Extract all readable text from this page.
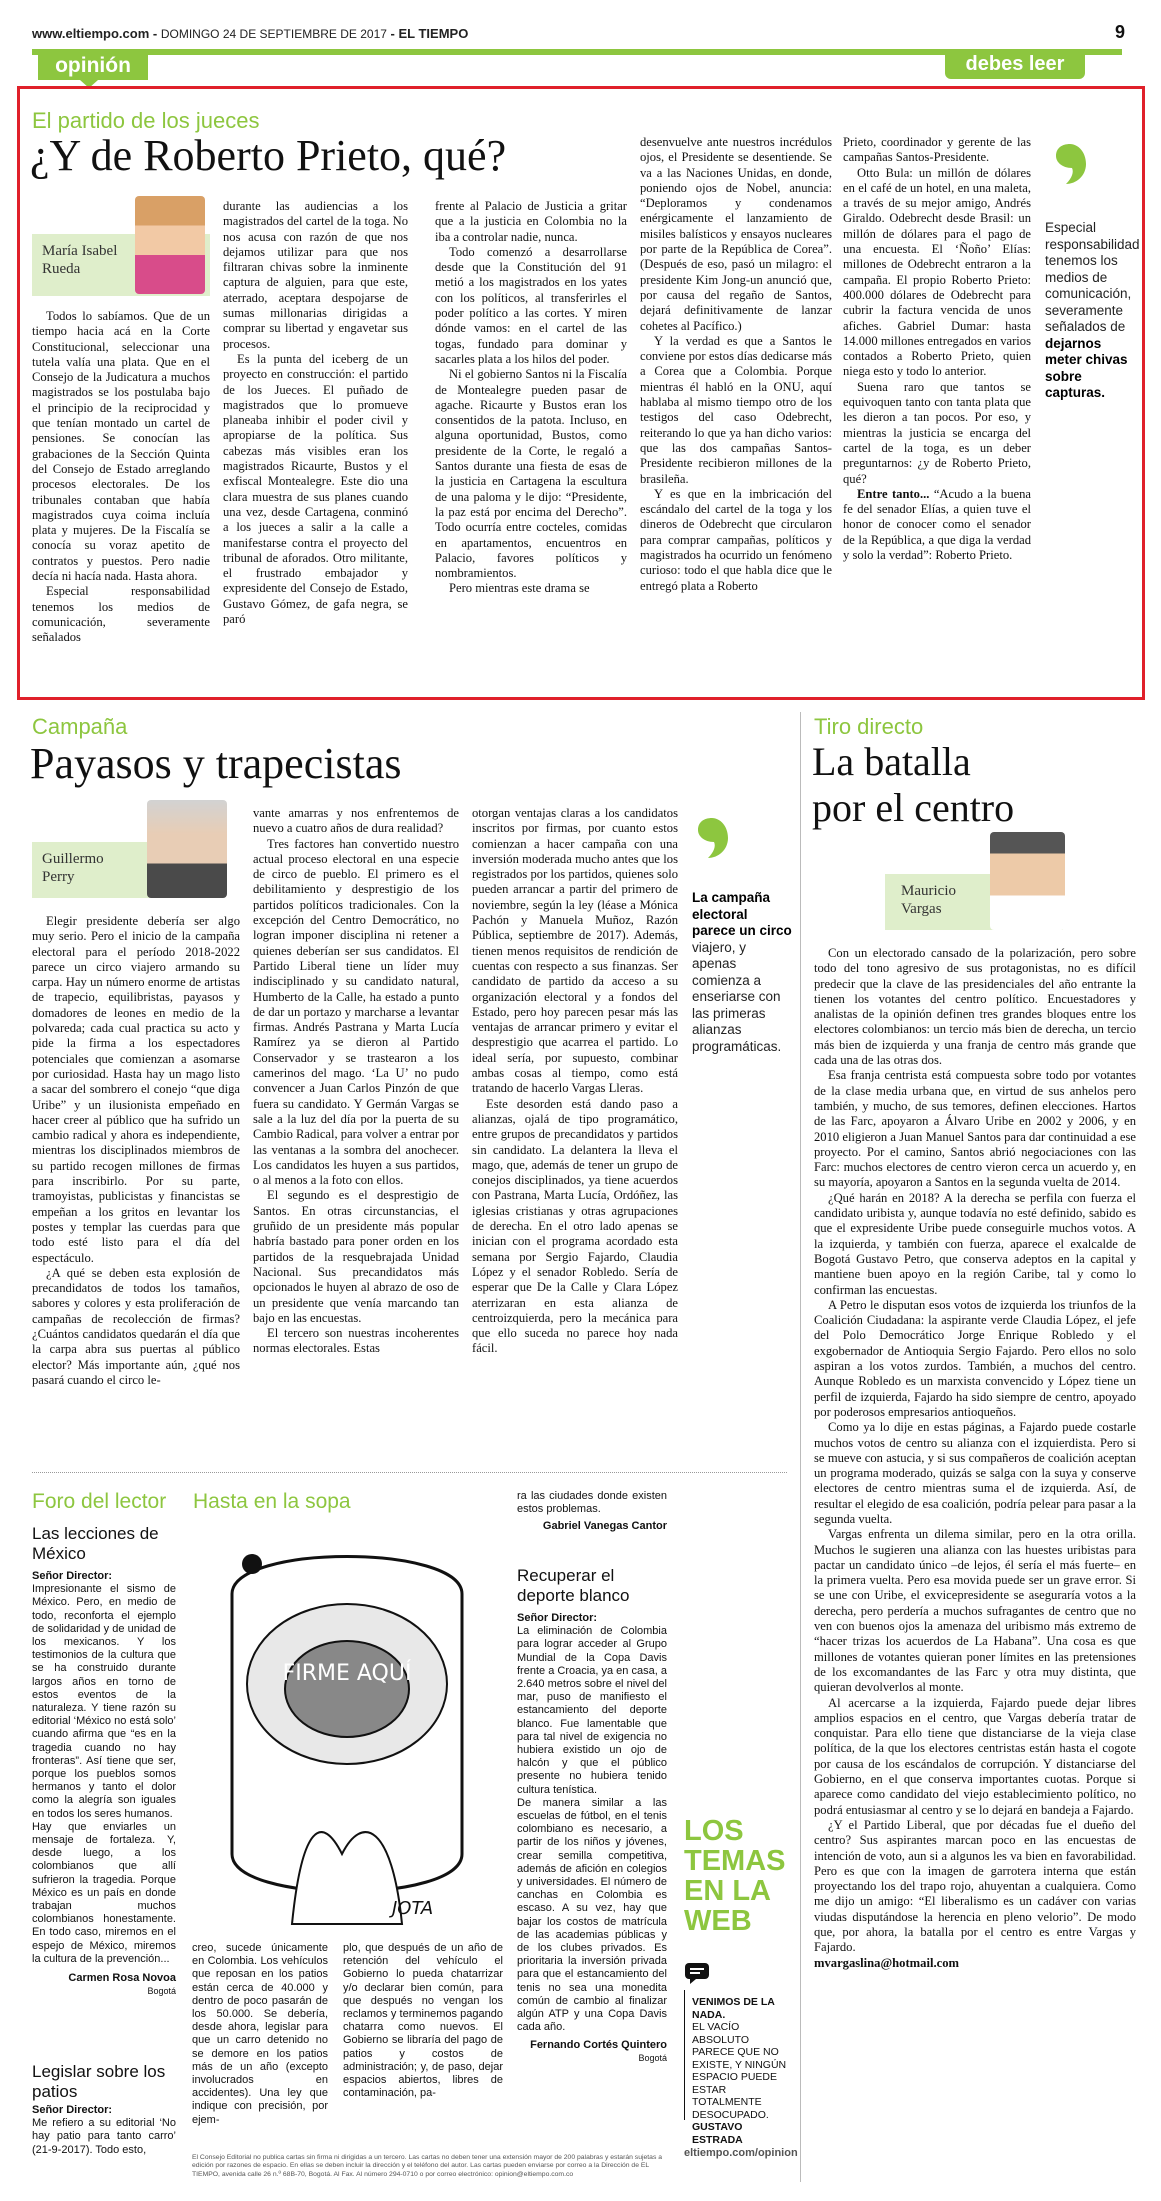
www.eltiempo.com - DOMINGO 24 DE SEPTIEMBRE DE 2017 - EL TIEMPO	9
opinión	debes leer
El partido de los jueces
¿Y de Roberto Prieto, qué?
María Isabel Rueda

Todos lo sabíamos. Que de un tiempo hacia acá en la Corte Constitucional, seleccionar una tutela valía una plata. Que en el Consejo de la Judicatura a muchos magistrados se los postulaba bajo el principio de la reciprocidad y que tenían montado un cartel de pensiones. Se conocían las grabaciones de la Sección Quinta del Consejo de Estado arreglando procesos electorales. De los tribunales contaban que había magistrados cuya coima incluía plata y mujeres. De la Fiscalía se conocía su voraz apetito de contratos y puestos. Pero nadie decía ni hacía nada. Hasta ahora.

Especial responsabilidad tenemos los medios de comunicación, severamente señalados

durante las audiencias a los magistrados del cartel de la toga. No nos acusa con razón de que nos dejamos utilizar para que nos filtraran chivas sobre la inminente captura de alguien, para que este, aterrado, aceptara despojarse de sumas millonarias dirigidas a comprar su libertad y engavetar sus procesos.

Es la punta del iceberg de un proyecto en construcción: el partido de los Jueces. El puñado de magistrados que lo promueve planeaba inhibir el poder civil y apropiarse de la política. Sus cabezas más visibles eran los magistrados Ricaurte, Bustos y el exfiscal Montealegre. Este dio una clara muestra de sus planes cuando una vez, desde Cartagena, conminó a los jueces a salir a la calle a manifestarse contra el proyecto del tribunal de aforados. Otro militante, el frustrado embajador y expresidente del Consejo de Estado, Gustavo Gómez, de gafa negra, se paró

frente al Palacio de Justicia a gritar que a la justicia en Colombia no la iba a controlar nadie, nunca.

Todo comenzó a desarrollarse desde que la Constitución del 91 metió a los magistrados en los yates con los políticos, al transferirles el poder político a las cortes. Y miren dónde vamos: en el cartel de las togas, fundado para dominar y sacarles plata a los hilos del poder.

Ni el gobierno Santos ni la Fiscalía de Montealegre pueden pasar de agache. Ricaurte y Bustos eran los consentidos de la patota. Incluso, en alguna oportunidad, Bustos, como presidente de la Corte, le regaló a Santos durante una fiesta de esas de la justicia en Cartagena la escultura de una paloma y le dijo: “Presidente, la paz está por encima del Derecho”. Todo ocurría entre cocteles, comidas en apartamentos, encuentros en Palacio, favores políticos y nombramientos.

Pero mientras este drama se

desenvuelve ante nuestros incrédulos ojos, el Presidente se desentiende. Se va a las Naciones Unidas, en donde, poniendo ojos de Nobel, anuncia: “Deploramos y condenamos enérgicamente el lanzamiento de misiles balísticos y ensayos nucleares por parte de la República de Corea”. (Después de eso, pasó un milagro: el presidente Kim Jong-un anunció que, por causa del regaño de Santos, dejará definitivamente de lanzar cohetes al Pacífico.)

Y la verdad es que a Santos le conviene por estos días dedicarse más a Corea que a Colombia. Porque mientras él habló en la ONU, aquí hablaba al mismo tiempo otro de los testigos del caso Odebrecht, reiterando lo que ya han dicho varios: que las dos campañas Santos-Presidente recibieron millones de la brasileña.

Y es que en la imbricación del escándalo del cartel de la toga y los dineros de Odebrecht que circularon para comprar campañas, políticos y magistrados ha ocurrido un fenómeno curioso: todo el que habla dice que le entregó plata a Roberto

Prieto, coordinador y gerente de las campañas Santos-Presidente.

Otto Bula: un millón de dólares en el café de un hotel, en una maleta, a través de su mejor amigo, Andrés Giraldo. Odebrecht desde Brasil: un millón de dólares para el pago de una encuesta. El ‘Ñoño’ Elías: millones de Odebrecht entraron a la campaña. El propio Roberto Prieto: 400.000 dólares de Odebrecht para cubrir la factura vencida de unos afiches. Gabriel Dumar: hasta 14.000 millones entregados en varios contados a Roberto Prieto, quien niega esto y todo lo anterior.

Suena raro que tantos se equivoquen tanto con tanta plata que les dieron a tan pocos. Por eso, y mientras la justicia se encarga del cartel de la toga, es un deber preguntarnos: ¿y de Roberto Prieto, qué?

Entre tanto... “Acudo a la buena fe del senador Elías, a quien tuve el honor de conocer como el senador de la República, a que diga la verdad y solo la verdad”: Roberto Prieto.

Especial responsabilidad tenemos los medios de comunicación, severamente señalados de dejarnos meter chivas sobre capturas.
Campaña
Payasos y trapecistas
Guillermo Perry

Elegir presidente debería ser algo muy serio. Pero el inicio de la campaña electoral para el período 2018-2022 parece un circo viajero armando su carpa. Hay un número enorme de artistas de trapecio, equilibristas, payasos y domadores de leones en medio de la polvareda; cada cual practica su acto y pide la firma a los espectadores potenciales que comienzan a asomarse por curiosidad. Hasta hay un mago listo a sacar del sombrero el conejo “que diga Uribe” y un ilusionista empeñado en hacer creer al público que ha sufrido un cambio radical y ahora es independiente, mientras los disciplinados miembros de su partido recogen millones de firmas para inscribirlo. Por su parte, tramoyistas, publicistas y financistas se empeñan a los gritos en levantar los postes y templar las cuerdas para que todo esté listo para el día del espectáculo.

¿A qué se deben esta explosión de precandidatos de todos los tamaños, sabores y colores y esta proliferación de campañas de recolección de firmas? ¿Cuántos candidatos quedarán el día que la carpa abra sus puertas al público elector? Más importante aún, ¿qué nos pasará cuando el circo le-

vante amarras y nos enfrentemos de nuevo a cuatro años de dura realidad?

Tres factores han convertido nuestro actual proceso electoral en una especie de circo de pueblo. El primero es el debilitamiento y desprestigio de los partidos políticos tradicionales. Con la excepción del Centro Democrático, no logran imponer disciplina ni retener a quienes deberían ser sus candidatos. El Partido Liberal tiene un líder muy indisciplinado y su candidato natural, Humberto de la Calle, ha estado a punto de dar un portazo y marcharse a levantar firmas. Andrés Pastrana y Marta Lucía Ramírez ya se dieron al Partido Conservador y se trastearon a los camerinos del mago. ‘La U’ no pudo convencer a Juan Carlos Pinzón de que fuera su candidato. Y Germán Vargas se sale a la luz del día por la puerta de su Cambio Radical, para volver a entrar por las ventanas a la sombra del anochecer. Los candidatos les huyen a sus partidos, o al menos a la foto con ellos.

El segundo es el desprestigio de Santos. En otras circunstancias, el gruñido de un presidente más popular habría bastado para poner orden en los partidos de la resquebrajada Unidad Nacional. Sus precandidatos más opcionados le huyen al abrazo de oso de un presidente que venía marcando tan bajo en las encuestas.

El tercero son nuestras incoherentes normas electorales. Estas

otorgan ventajas claras a los candidatos inscritos por firmas, por cuanto estos comienzan a hacer campaña con una inversión moderada mucho antes que los registrados por los partidos, quienes solo pueden arrancar a partir del primero de noviembre, según la ley (léase a Mónica Pachón y Manuela Muñoz, Razón Pública, septiembre de 2017). Además, tienen menos requisitos de rendición de cuentas con respecto a sus finanzas. Ser candidato de partido da acceso a su organización electoral y a fondos del Estado, pero hoy parecen pesar más las ventajas de arrancar primero y evitar el desprestigio que acarrea el partido. Lo ideal sería, por supuesto, combinar ambas cosas al tiempo, como está tratando de hacerlo Vargas Lleras.

Este desorden está dando paso a alianzas, ojalá de tipo programático, entre grupos de precandidatos y partidos sin candidato. La delantera la lleva el mago, que, además de tener un grupo de conejos disciplinados, ya tiene acuerdos con Pastrana, Marta Lucía, Ordóñez, las iglesias cristianas y otras agrupaciones de derecha. En el otro lado apenas se inician con el programa acordado esta semana por Sergio Fajardo, Claudia López y el senador Robledo. Sería de esperar que De la Calle y Clara López aterrizaran en esta alianza de centroizquierda, pero la mecánica para que ello suceda no parece hoy nada fácil.

La campaña electoral parece un circo viajero, y apenas comienza a enseriarse con las primeras alianzas programáticas.
Tiro directo
La batalla
por el centro
Mauricio Vargas

Con un electorado cansado de la polarización, pero sobre todo del tono agresivo de sus protagonistas, no es difícil predecir que la clave de las presidenciales del año entrante la tienen los votantes del centro político. Encuestadores y analistas de la opinión definen tres grandes bloques entre los electores colombianos: un tercio más bien de derecha, un tercio más bien de izquierda y una franja de centro más grande que cada una de las otras dos.

Esa franja centrista está compuesta sobre todo por votantes de la clase media urbana que, en virtud de sus anhelos pero también, y mucho, de sus temores, definen elecciones. Hartos de las Farc, apoyaron a Álvaro Uribe en 2002 y 2006, y en 2010 eligieron a Juan Manuel Santos para dar continuidad a ese proyecto. Por el camino, Santos abrió negociaciones con las Farc: muchos electores de centro vieron cerca un acuerdo y, en su mayoría, apoyaron a Santos en la segunda vuelta de 2014.

¿Qué harán en 2018? A la derecha se perfila con fuerza el candidato uribista y, aunque todavía no esté definido, sabido es que el expresidente Uribe puede conseguirle muchos votos. A la izquierda, y también con fuerza, aparece el exalcalde de Bogotá Gustavo Petro, que conserva adeptos en la capital y mantiene buen apoyo en la región Caribe, tal y como lo confirman las encuestas.

A Petro le disputan esos votos de izquierda los triunfos de la Coalición Ciudadana: la aspirante verde Claudia López, el jefe del Polo Democrático Jorge Enrique Robledo y el exgobernador de Antioquia Sergio Fajardo. Pero ellos no solo aspiran a los votos zurdos. También, a muchos del centro. Aunque Robledo es un marxista convencido y López tiene un perfil de izquierda, Fajardo ha sido siempre de centro, apoyado por poderosos empresarios antioqueños.

Como ya lo dije en estas páginas, a Fajardo puede costarle muchos votos de centro su alianza con el izquierdista. Pero si se mueve con astucia, y si sus compañeros de coalición aceptan un programa moderado, quizás se salga con la suya y conserve electores de centro mientras suma el de izquierda. Así, de resultar el elegido de esa coalición, podría pelear para pasar a la segunda vuelta.

Vargas enfrenta un dilema similar, pero en la otra orilla. Muchos le sugieren una alianza con las huestes uribistas para pactar un candidato único –de lejos, él sería el más fuerte– en la primera vuelta. Pero esa movida puede ser un grave error. Si se une con Uribe, el exvicepresidente se aseguraría votos a la derecha, pero perdería a muchos sufragantes de centro que no ven con buenos ojos la amenaza del uribismo más extremo de “hacer trizas los acuerdos de La Habana”. Una cosa es que millones de votantes quieran poner límites en las pretensiones de los excomandantes de las Farc y otra muy distinta, que quieran devolverlos al monte.

Al acercarse a la izquierda, Fajardo puede dejar libres amplios espacios en el centro, que Vargas debería tratar de conquistar. Para ello tiene que distanciarse de la vieja clase política, de la que los electores centristas están hasta el cogote por causa de los escándalos de corrupción. Y distanciarse del Gobierno, en el que conserva importantes cuotas. Porque si aparece como candidato del viejo establecimiento político, no podrá entusiasmar al centro y se lo dejará en bandeja a Fajardo.

¿Y el Partido Liberal, que por décadas fue el dueño del centro? Sus aspirantes marcan poco en las encuestas de intención de voto, aun si a algunos les va bien en favorabilidad. Pero es que con la imagen de garrotera interna que están proyectando los del trapo rojo, ahuyentan a cualquiera. Como me dijo un amigo: “El liberalismo es un cadáver con varias viudas disputándose la herencia en pleno velorio”. De modo que, por ahora, la batalla por el centro es entre Vargas y Fajardo.

mvargaslina@hotmail.com

Foro del lector Hasta en la sopa
Las lecciones de México
Señor Director:
Impresionante el sismo de México. Pero, en medio de todo, reconforta el ejemplo de solidaridad y de unidad de los mexicanos. Y los testimonios de la cultura que se ha construido durante largos años en torno de estos eventos de la naturaleza. Y tiene razón su editorial ‘México no está solo’ cuando afirma que “es en la tragedia cuando no hay fronteras”. Así tiene que ser, porque los pueblos somos hermanos y tanto el dolor como la alegría son iguales en todos los seres humanos.
Hay que enviarles un mensaje de fortaleza. Y, desde luego, a los colombianos que allí sufrieron la tragedia. Porque México es un país en donde trabajan muchos colombianos honestamente. En todo caso, miremos en el espejo de México, miremos la cultura de la prevención...
Carmen Rosa Novoa
Bogotá
Legislar sobre los patios
Señor Director:
Me refiero a su editorial ‘No hay patio para tanto carro’ (21-9-2017). Todo esto,
FIRME AQUÍ
JOTA
creo, sucede únicamente en Colombia. Los vehículos que reposan en los patios están cerca de 40.000 y dentro de poco pasarán de los 50.000. Se debería, desde ahora, legislar para que un carro detenido no se demore en los patios más de un año (excepto involucrados en accidentes). Una ley que indique con precisión, por ejem-
plo, que después de un año de retención del vehículo el Gobierno lo pueda chatarrizar y/o declarar bien común, para que después no vengan los reclamos y terminemos pagando chatarra como nuevos. El Gobierno se libraría del pago de patios y costos de administración; y, de paso, dejar espacios abiertos, libres de contaminación, pa-
ra las ciudades donde existen estos problemas.
Gabriel Vanegas Cantor
Recuperar el deporte blanco
Señor Director:
La eliminación de Colombia para lograr acceder al Grupo Mundial de la Copa Davis frente a Croacia, ya en casa, a 2.640 metros sobre el nivel del mar, puso de manifiesto el estancamiento del deporte blanco. Fue lamentable que para tal nivel de exigencia no hubiera existido un ojo de halcón y que el público presente no hubiera tenido cultura tenística.
De manera similar a las escuelas de fútbol, en el tenis colombiano es necesario, a partir de los niños y jóvenes, crear semilla competitiva, además de afición en colegios y universidades. El número de canchas en Colombia es escaso. A su vez, hay que bajar los costos de matrícula de las academias públicas y de los clubes privados. Es prioritaria la inversión privada para que el estancamiento del tenis no sea una monedita común de cambio al finalizar algún ATP y una Copa Davis cada año.
Fernando Cortés Quintero
Bogotá
LOS TEMAS EN LA WEB
VENIMOS DE LA NADA.
EL VACÍO ABSOLUTO PARECE QUE NO EXISTE, Y NINGÚN ESPACIO PUEDE ESTAR TOTALMENTE DESOCUPADO.
GUSTAVO ESTRADA
eltiempo.com/opinion
El Consejo Editorial no publica cartas sin firma ni dirigidas a un tercero. Las cartas no deben tener una extensión mayor de 200 palabras y estarán sujetas a edición por razones de espacio. En ellas se deben incluir la dirección y el teléfono del autor. Las cartas pueden enviarse por correo a la Dirección de EL TIEMPO, avenida calle 26 n.º 68B-70, Bogotá. Al Fax. Al número 294-0710 o por correo electrónico: opinion@eltiempo.com.co
